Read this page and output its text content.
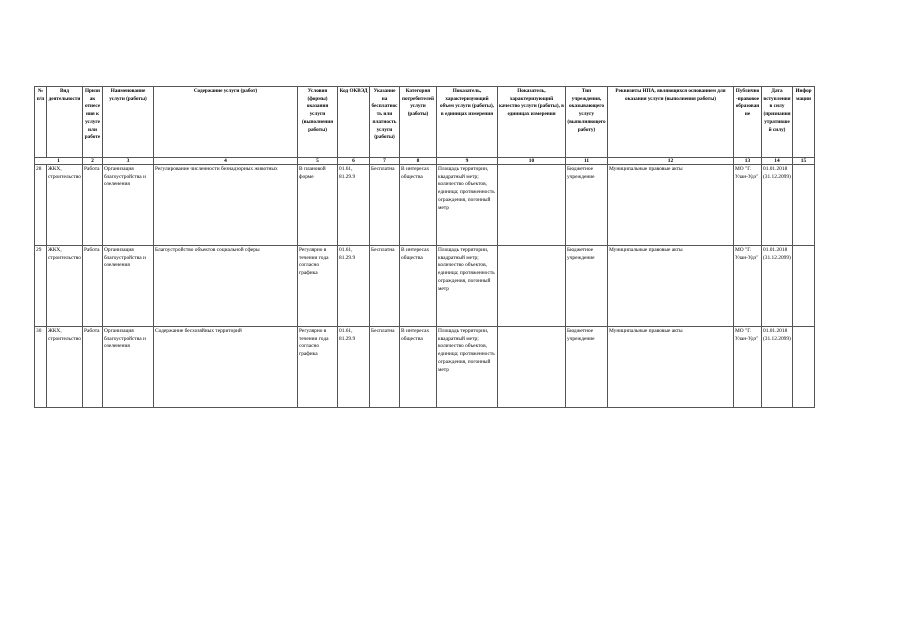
№ п/п	Вид деятельности	Признак отнесения к услуге или работе	Наименование услуги (работы)	Содержание услуги (работ)	Условия (формы) оказания услуги (выполнения работы)	Код ОКВЭД	Указание на бесплатность или платность услуги (работы)	Категория потребителей услуги (работы)	Показатель, характеризующий объем услуги (работы), в единицах измерения	Показатель, характеризующий качество услуги (работы), в единицах измерения	Тип учреждения, оказывающего услугу (выполняющего работу)	Реквизиты НПА, являющихся основанием для оказания услуги (выполнения работы)	Публично-правовое образование	Дата вступления в силу (признания утратившей силу)	Информации
1		2	3	4	5	6	7	8	9	10	11	12	13	14	15
28	ЖКХ, строительство	Работа	Организация благоустройства и озеленения	Регулирование численности безнадзорных животных	В плановой форме	01.61, 81.29.9	Бесплатна	В интересах общества	Площадь территории, квадратный метр; количество объектов, единица; протяженность ограждения, погонный метр		Бюджетное учреждение	Муниципальные правовые акты	МО "Г. Улан-Удэ"	01.01.2018 (31.12.2099)	
29	ЖКХ, строительство	Работа	Организация благоустройства и озеленения	Благоустройство объектов социальной сферы	Регулярно в течении года согласно графика	01.61, 81.29.9	Бесплатна	В интересах общества	Площадь территории, квадратный метр; количество объектов, единица; протяженность ограждения, погонный метр		Бюджетное учреждение	Муниципальные правовые акты	МО "Г. Улан-Удэ"	01.01.2018 (31.12.2099)	
30	ЖКХ, строительство	Работа	Организация благоустройства и озеленения	Содержание бесхозяйных территорий	Регулярно в течении года согласно графика	01.61, 81.29.9	Бесплатна	В интересах общества	Площадь территории, квадратный метр; количество объектов, единица; протяженность ограждения, погонный метр		Бюджетное учреждение	Муниципальные правовые акты	МО "Г. Улан-Удэ"	01.01.2018 (31.12.2099)	
